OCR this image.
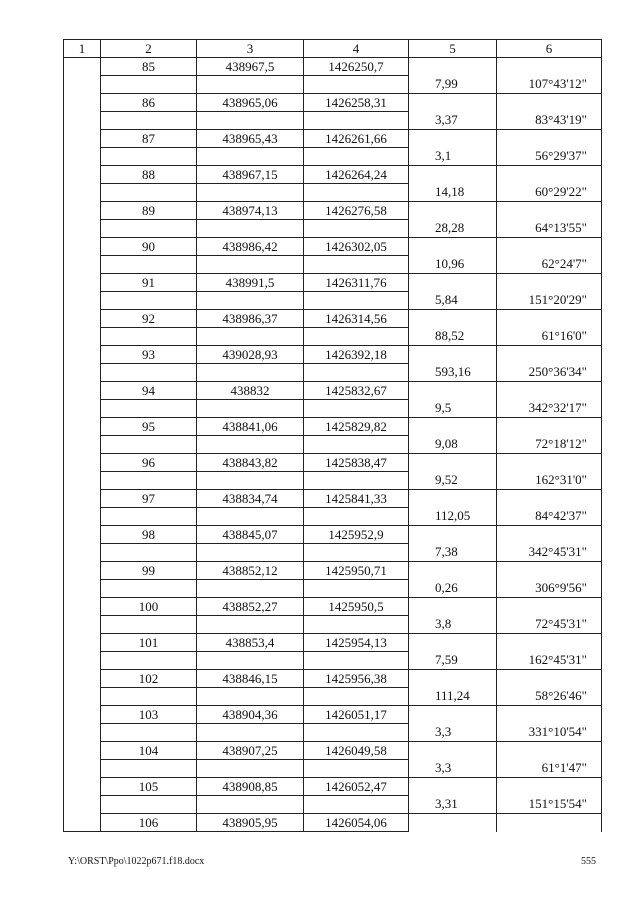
1	2	3	4	5	6
	85	438967,5	1426250,7		
				7,99	107°43'12"
	86	438965,06	1426258,31		
				3,37	83°43'19"
	87	438965,43	1426261,66		
				3,1	56°29'37"
	88	438967,15	1426264,24		
				14,18	60°29'22"
	89	438974,13	1426276,58		
				28,28	64°13'55"
	90	438986,42	1426302,05		
				10,96	62°24'7"
	91	438991,5	1426311,76		
				5,84	151°20'29"
	92	438986,37	1426314,56		
				88,52	61°16'0"
	93	439028,93	1426392,18		
				593,16	250°36'34"
	94	438832	1425832,67		
				9,5	342°32'17"
	95	438841,06	1425829,82		
				9,08	72°18'12"
	96	438843,82	1425838,47		
				9,52	162°31'0"
	97	438834,74	1425841,33		
				112,05	84°42'37"
	98	438845,07	1425952,9		
				7,38	342°45'31"
	99	438852,12	1425950,71		
				0,26	306°9'56"
	100	438852,27	1425950,5		
				3,8	72°45'31"
	101	438853,4	1425954,13		
				7,59	162°45'31"
	102	438846,15	1425956,38		
				111,24	58°26'46"
	103	438904,36	1426051,17		
				3,3	331°10'54"
	104	438907,25	1426049,58		
				3,3	61°1'47"
	105	438908,85	1426052,47		
				3,31	151°15'54"
	106	438905,95	1426054,06		
Y:\ORST\Ppo\1022p671.f18.docx	555
